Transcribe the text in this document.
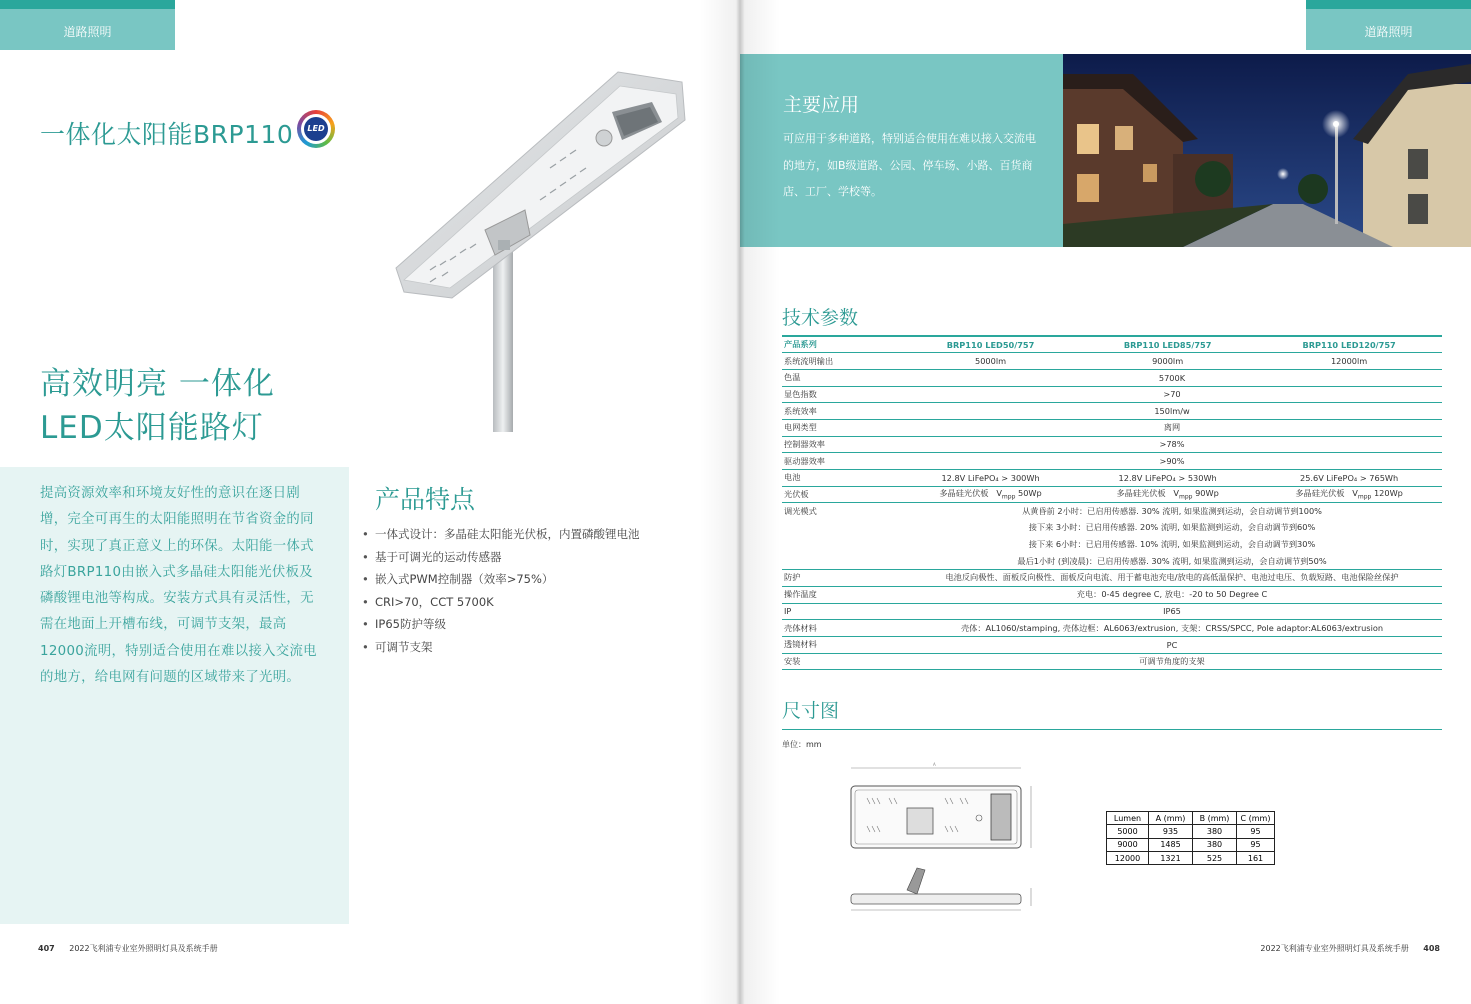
道路照明
一体化太阳能BRP110	LED
高效明亮 一体化
LED太阳能路灯
提高资源效率和环境友好性的意识在逐日剧增，完全可再生的太阳能照明在节省资金的同时，实现了真正意义上的环保。太阳能一体式路灯BRP110由嵌入式多晶硅太阳能光伏板及磷酸锂电池等构成。安装方式具有灵活性，无需在地面上开槽布线，可调节支架，最高12000流明，特别适合使用在难以接入交流电的地方，给电网有问题的区域带来了光明。
产品特点
• 一体式设计：多晶硅太阳能光伏板，内置磷酸锂电池
• 基于可调光的运动传感器
• 嵌入式PWM控制器（效率>75%）
• CRI>70，CCT 5700K
• IP65防护等级
• 可调节支架
407 2022飞利浦专业室外照明灯具及系统手册
道路照明
主要应用
可应用于多种道路，特别适合使用在难以接入交流电的地方，如B级道路、公园、停车场、小路、百货商店、工厂、学校等。
技术参数
产品系列	BRP110 LED50/757	BRP110 LED85/757	BRP110 LED120/757
系统流明输出	5000lm	9000lm	12000lm
色温	5700K		
显色指数	>70		
系统效率	150lm/w		
电网类型	离网		
控制器效率	>78%		
驱动器效率	>90%		
电池	12.8V LiFePO₄ > 300Wh	12.8V LiFePO₄ > 530Wh	25.6V LiFePO₄ > 765Wh
光伏板	多晶硅光伏板 $V_{mpp}$ 50Wp	多晶硅光伏板 $V_{mpp}$ 90Wp	多晶硅光伏板 $V_{mpp}$ 120Wp
调光模式	从黄昏前 2小时：已启用传感器. 30% 流明, 如果监测到运动，会自动调节到100%		
	接下来 3小时：已启用传感器. 20% 流明, 如果监测到运动，会自动调节到60%		
	接下来 6小时：已启用传感器. 10% 流明, 如果监测到运动，会自动调节到30%		
	最后1小时 (到凌晨)：已启用传感器. 30% 流明, 如果监测到运动，会自动调节到50%		
防护	电池反向极性、面板反向极性、面板反向电流、用于蓄电池充电/放电的高低温保护、电池过电压、负载短路、电池保险丝保护		
操作温度	充电：0-45 degree C, 放电：-20 to 50 Degree C		
IP	IP65		
壳体材料	壳体：AL1060/stamping, 壳体边框：AL6063/extrusion, 支架：CRSS/SPCC, Pole adaptor:AL6063/extrusion		
透镜材料	PC		
安装	可调节角度的支架		
尺寸图
单位：mm
A
Lumen	A (mm)	B (mm)	C (mm)
5000	935	380	95
9000	1485	380	95
12000	1321	525	161
2022飞利浦专业室外照明灯具及系统手册 408
